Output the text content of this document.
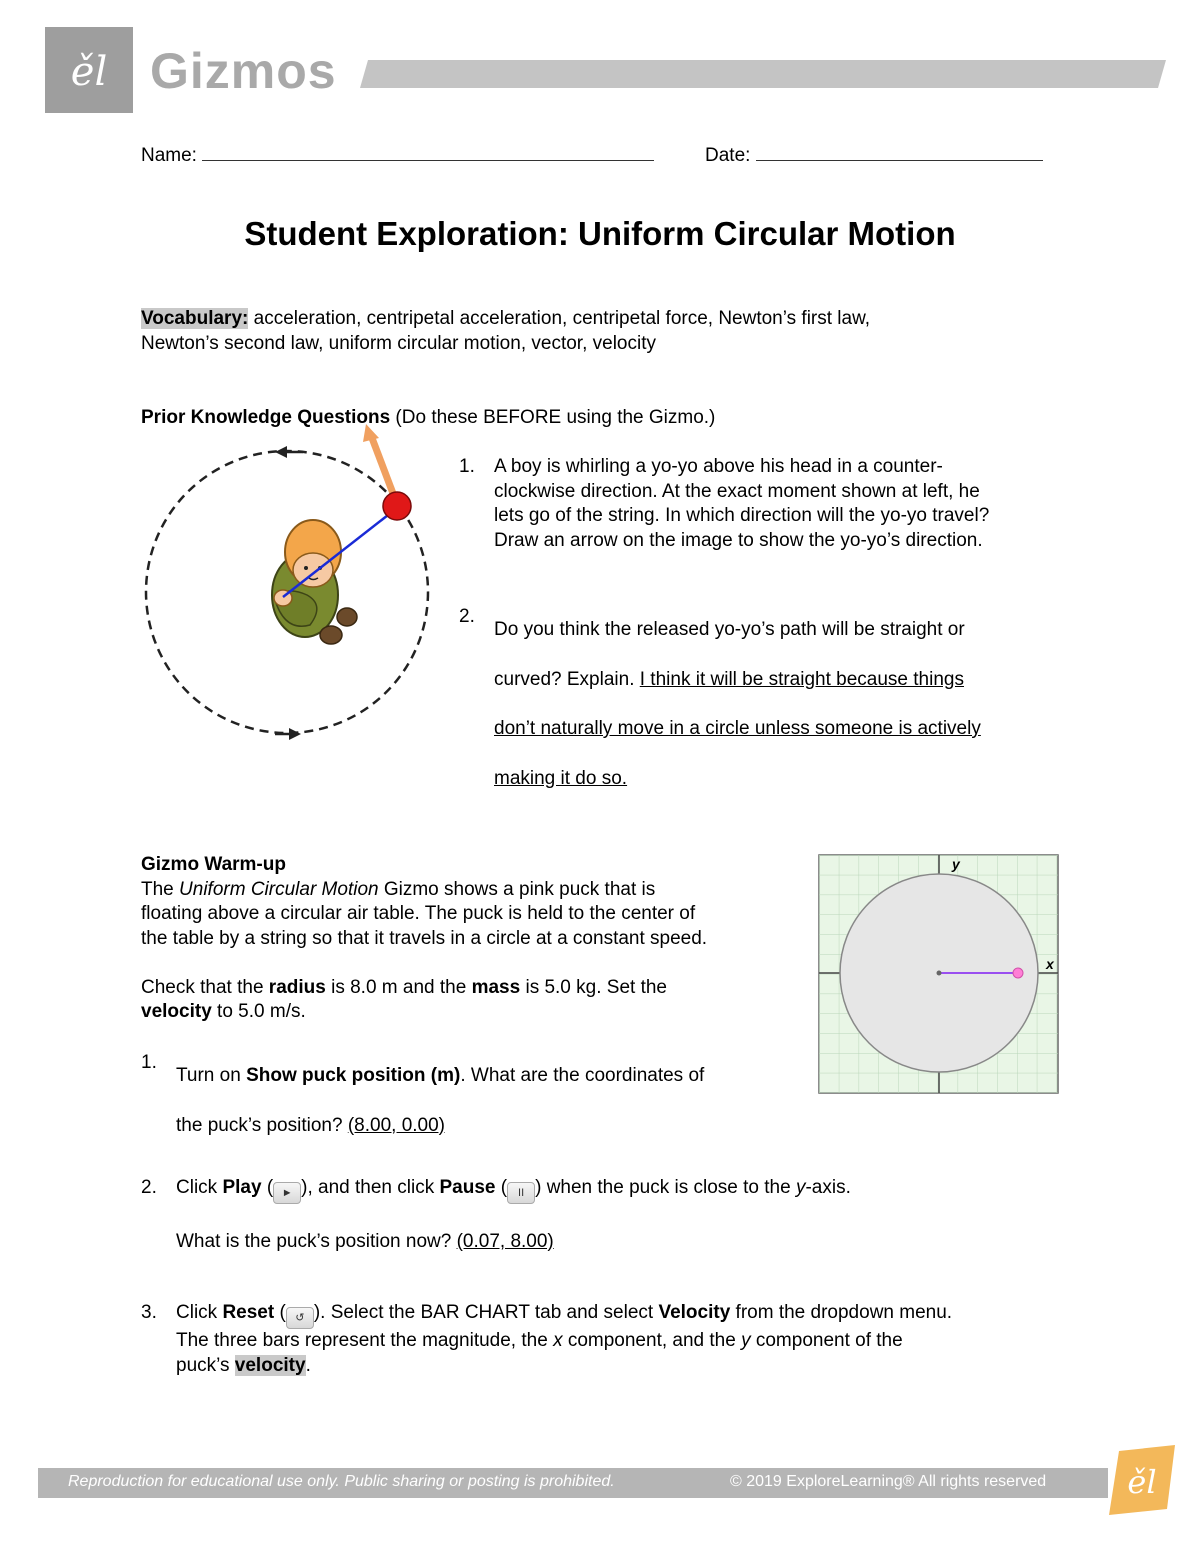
ěl Gizmos
Name:	Date:
Student Exploration: Uniform Circular Motion
Vocabulary: acceleration, centripetal acceleration, centripetal force, Newton’s first law,
Newton’s second law, uniform circular motion, vector, velocity
Prior Knowledge Questions (Do these BEFORE using the Gizmo.)
1. A boy is whirling a yo-yo above his head in a counter-
clockwise direction. At the exact moment shown at left, he
lets go of the string. In which direction will the yo-yo travel?
Draw an arrow on the image to show the yo-yo’s direction.
2.
Do you think the released yo-yo’s path will be straight or
curved? Explain. I think it will be straight because things
don’t naturally move in a circle unless someone is actively
making it do so.
Gizmo Warm-up
The Uniform Circular Motion Gizmo shows a pink puck that is
floating above a circular air table. The puck is held to the center of
the table by a string so that it travels in a circle at a constant speed.
Check that the radius is 8.0 m and the mass is 5.0 kg. Set the
velocity to 5.0 m/s.
y
x
1.
Turn on Show puck position (m). What are the coordinates of
the puck’s position? (8.00, 0.00)
2. Click Play ( ► ), and then click Pause ( II ) when the puck is close to the y-axis.
What is the puck’s position now? (0.07, 8.00)
3. Click Reset ( ↺ ). Select the BAR CHART tab and select Velocity from the dropdown menu.
The three bars represent the magnitude, the x component, and the y component of the
puck’s velocity.
Reproduction for educational use only. Public sharing or posting is prohibited.	© 2019 ExploreLearning® All rights reserved	ěl
